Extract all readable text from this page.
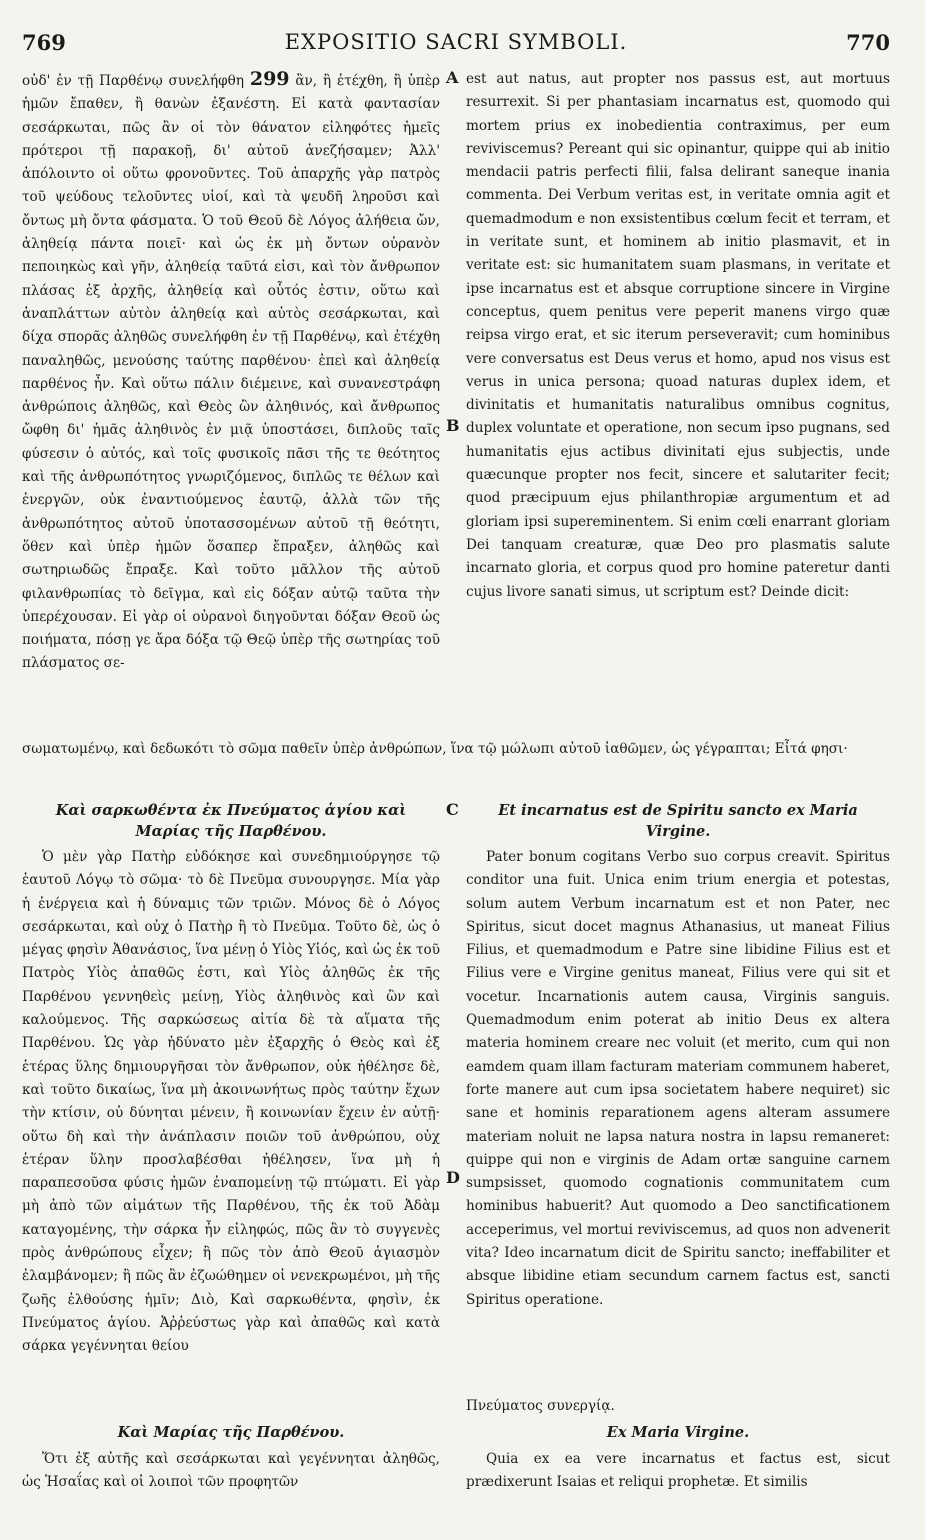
769	EXPOSITIO SACRI SYMBOLI.	770
οὐδ' ἐν τῇ Παρθένῳ συνελήφθη 299 ἂν, ἢ ἐτέχθη, ἢ ὑπὲρ ἡμῶν ἔπαθεν, ἢ θανὼν ἐξανέστη. Εἰ κατὰ φαντασίαν σεσάρκωται, πῶς ἂν οἱ τὸν θάνατον εἰληφότες ἡμεῖς πρότεροι τῇ παρακοῇ, δι' αὐτοῦ ἀνεζήσαμεν; Ἀλλ' ἀπόλοιντο οἱ οὕτω φρονοῦντες. Τοῦ ἀπαρχῆς γὰρ πατρὸς τοῦ ψεύδους τελοῦντες υἱοί, καὶ τὰ ψευδῆ ληροῦσι καὶ ὄντως μὴ ὄντα φάσματα. Ὁ τοῦ Θεοῦ δὲ Λόγος ἀλήθεια ὤν, ἀληθείᾳ πάντα ποιεῖ· καὶ ὡς ἐκ μὴ ὄντων οὐρανὸν πεποιηκὼς καὶ γῆν, ἀληθείᾳ ταῦτά εἰσι, καὶ τὸν ἄνθρωπον πλάσας ἐξ ἀρχῆς, ἀληθείᾳ καὶ οὗτός ἐστιν, οὕτω καὶ ἀναπλάττων αὐτὸν ἀληθείᾳ καὶ αὐτὸς σεσάρκωται, καὶ δίχα σπορᾶς ἀληθῶς συνελήφθη ἐν τῇ Παρθένῳ, καὶ ἐτέχθη παναληθῶς, μενούσης ταύτης παρθένου· ἐπεὶ καὶ ἀληθείᾳ παρθένος ἦν. Καὶ οὕτω πάλιν διέμεινε, καὶ συνανεστράφη ἀνθρώποις ἀληθῶς, καὶ Θεὸς ὢν ἀληθινός, καὶ ἄνθρωπος ὤφθη δι' ἡμᾶς ἀληθινὸς ἐν μιᾷ ὑποστάσει, διπλοῦς ταῖς φύσεσιν ὁ αὐτός, καὶ τοῖς φυσικοῖς πᾶσι τῆς τε θεότητος καὶ τῆς ἀνθρωπότητος γνωριζόμενος, διπλῶς τε θέλων καὶ ἐνεργῶν, οὐκ ἐναντιούμενος ἑαυτῷ, ἀλλὰ τῶν τῆς ἀνθρωπότητος αὐτοῦ ὑποτασσομένων αὐτοῦ τῇ θεότητι, ὅθεν καὶ ὑπὲρ ἡμῶν ὅσαπερ ἔπραξεν, ἀληθῶς καὶ σωτηριωδῶς ἔπραξε. Καὶ τοῦτο μᾶλλον τῆς αὐτοῦ φιλανθρωπίας τὸ δεῖγμα, καὶ εἰς δόξαν αὐτῷ ταῦτα τὴν ὑπερέχουσαν. Εἰ γὰρ οἱ οὐρανοὶ διηγοῦνται δόξαν Θεοῦ ὡς ποιήματα, πόσῃ γε ἄρα δόξα τῷ Θεῷ ὑπὲρ τῆς σωτηρίας τοῦ πλάσματος σε-
A
B
est aut natus, aut propter nos passus est, aut mortuus resurrexit. Si per phantasiam incarnatus est, quomodo qui mortem prius ex inobedientia contraximus, per eum reviviscemus? Pereant qui sic opinantur, quippe qui ab initio mendacii patris perfecti filii, falsa delirant saneque inania commenta. Dei Verbum veritas est, in veritate omnia agit et quemadmodum e non exsistentibus cœlum fecit et terram, et in veritate sunt, et hominem ab initio plasmavit, et in veritate est: sic humanitatem suam plasmans, in veritate et ipse incarnatus est et absque corruptione sincere in Virgine conceptus, quem penitus vere peperit manens virgo quæ reipsa virgo erat, et sic iterum perseveravit; cum hominibus vere conversatus est Deus verus et homo, apud nos visus est verus in unica persona; quoad naturas duplex idem, et divinitatis et humanitatis naturalibus omnibus cognitus, duplex voluntate et operatione, non secum ipso pugnans, sed humanitatis ejus actibus divinitati ejus subjectis, unde quæcunque propter nos fecit, sincere et salutariter fecit; quod præcipuum ejus philanthropiæ argumentum et ad gloriam ipsi supereminentem. Si enim cœli enarrant gloriam Dei tanquam creaturæ, quæ Deo pro plasmatis salute incarnato gloria, et corpus quod pro homine pateretur danti cujus livore sanati simus, ut scriptum est? Deinde dicit:
σωματωμένῳ, καὶ δεδωκότι τὸ σῶμα παθεῖν ὑπὲρ ἀνθρώπων, ἵνα τῷ μώλωπι αὐτοῦ ἰαθῶμεν, ὡς γέγραπται; Εἶτά φησι·
Καὶ σαρκωθέντα ἐκ Πνεύματος ἁγίου καὶ Μαρίας τῆς Παρθένου.
C	Et incarnatus est de Spiritu sancto ex Maria Virgine.
Ὁ μὲν γὰρ Πατὴρ εὐδόκησε καὶ συνεδημιούργησε τῷ ἑαυτοῦ Λόγῳ τὸ σῶμα· τὸ δὲ Πνεῦμα συνουργησε. Μία γὰρ ἡ ἐνέργεια καὶ ἡ δύναμις τῶν τριῶν. Μόνος δὲ ὁ Λόγος σεσάρκωται, καὶ οὐχ ὁ Πατὴρ ἢ τὸ Πνεῦμα. Τοῦτο δὲ, ὡς ὁ μέγας φησὶν Ἀθανάσιος, ἵνα μένῃ ὁ Υἱὸς Υἱός, καὶ ὡς ἐκ τοῦ Πατρὸς Υἱὸς ἀπαθῶς ἐστι, καὶ Υἱὸς ἀληθῶς ἐκ τῆς Παρθένου γεννηθεὶς μείνῃ, Υἱὸς ἀληθινὸς καὶ ὢν καὶ καλούμενος. Τῆς σαρκώσεως αἰτία δὲ τὰ αἵματα τῆς Παρθένου. Ὡς γὰρ ἠδύνατο μὲν ἐξαρχῆς ὁ Θεὸς καὶ ἐξ ἑτέρας ὕλης δημιουργῆσαι τὸν ἄνθρωπον, οὐκ ἠθέλησε δὲ, καὶ τοῦτο δικαίως, ἵνα μὴ ἀκοινωνήτως πρὸς ταύτην ἔχων τὴν κτίσιν, οὐ δύνηται μένειν, ἢ κοινωνίαν ἔχειν ἐν αὐτῇ· οὕτω δὴ καὶ τὴν ἀνάπλασιν ποιῶν τοῦ ἀνθρώπου, οὐχ ἑτέραν ὕλην προσλαβέσθαι ἠθέλησεν, ἵνα μὴ ἡ παραπεσοῦσα φύσις ἡμῶν ἐναπομείνῃ τῷ πτώματι. Εἰ γὰρ μὴ ἀπὸ τῶν αἱμάτων τῆς Παρθένου, τῆς ἐκ τοῦ Ἀδὰμ καταγομένης, τὴν σάρκα ἦν εἰληφώς, πῶς ἂν τὸ συγγενὲς πρὸς ἀνθρώπους εἶχεν; ἢ πῶς τὸν ἀπὸ Θεοῦ ἁγιασμὸν ἐλαμβάνομεν; ἢ πῶς ἂν ἐζωώθημεν οἱ νενεκρωμένοι, μὴ τῆς ζωῆς ἐλθούσης ἡμῖν; Διὸ, Καὶ σαρκωθέντα, φησὶν, ἐκ Πνεύματος ἁγίου. Ἀῤῥεύστως γὰρ καὶ ἀπαθῶς καὶ κατὰ σάρκα γεγέννηται θείου
D
Pater bonum cogitans Verbo suo corpus creavit. Spiritus conditor una fuit. Unica enim trium energia et potestas, solum autem Verbum incarnatum est et non Pater, nec Spiritus, sicut docet magnus Athanasius, ut maneat Filius Filius, et quemadmodum e Patre sine libidine Filius est et Filius vere e Virgine genitus maneat, Filius vere qui sit et vocetur. Incarnationis autem causa, Virginis sanguis. Quemadmodum enim poterat ab initio Deus ex altera materia hominem creare nec voluit (et merito, cum qui non eamdem quam illam facturam materiam communem haberet, forte manere aut cum ipsa societatem habere nequiret) sic sane et hominis reparationem agens alteram assumere materiam noluit ne lapsa natura nostra in lapsu remaneret: quippe qui non e virginis de Adam ortæ sanguine carnem sumpsisset, quomodo cognationis communitatem cum hominibus habuerit? Aut quomodo a Deo sanctificationem acceperimus, vel mortui reviviscemus, ad quos non advenerit vita? Ideo incarnatum dicit de Spiritu sancto; ineffabiliter et absque libidine etiam secundum carnem factus est, sancti Spiritus operatione.
Πνεύματος συνεργίᾳ.
Καὶ Μαρίας τῆς Παρθένου.	Ex Maria Virgine.
Ὅτι ἐξ αὐτῆς καὶ σεσάρκωται καὶ γεγέννηται ἀληθῶς, ὡς Ἡσαΐας καὶ οἱ λοιποὶ τῶν προφητῶν
Quia ex ea vere incarnatus et factus est, sicut prædixerunt Isaias et reliqui prophetæ. Et similis
